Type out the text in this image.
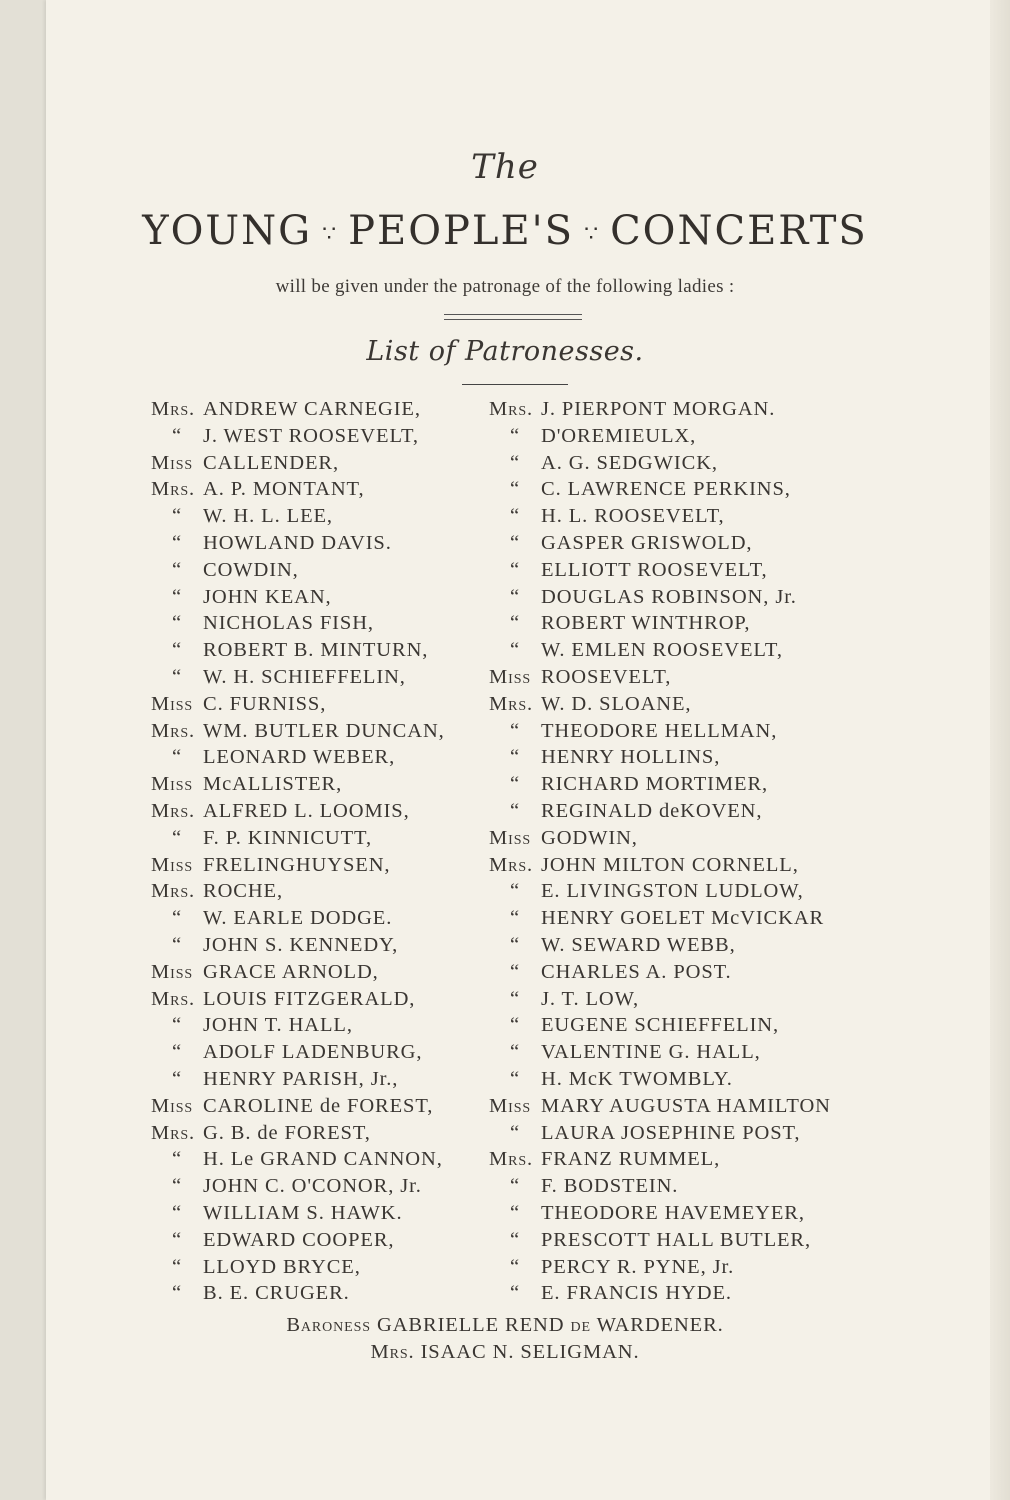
The
YOUNG ∵ PEOPLE'S ∵ CONCERTS
will be given under the patronage of the following ladies :
List of Patronesses.
Mrs. ANDREW CARNEGIE,
“	J. WEST ROOSEVELT,
Miss CALLENDER,
Mrs. A. P. MONTANT,
“	W. H. L. LEE,
“	HOWLAND DAVIS.
“	COWDIN,
“	JOHN KEAN,
“	NICHOLAS FISH,
“	ROBERT B. MINTURN,
“	W. H. SCHIEFFELIN,
Miss C. FURNISS,
Mrs. WM. BUTLER DUNCAN,
“	LEONARD WEBER,
Miss McALLISTER,
Mrs. ALFRED L. LOOMIS,
“	F. P. KINNICUTT,
Miss FRELINGHUYSEN,
Mrs. ROCHE,
“	W. EARLE DODGE.
“	JOHN S. KENNEDY,
Miss GRACE ARNOLD,
Mrs. LOUIS FITZGERALD,
“	JOHN T. HALL,
“	ADOLF LADENBURG,
“	HENRY PARISH, Jr.,
Miss CAROLINE de FOREST,
Mrs. G. B. de FOREST,
“	H. Le GRAND CANNON,
“	JOHN C. O'CONOR, Jr.
“	WILLIAM S. HAWK.
“	EDWARD COOPER,
“	LLOYD BRYCE,
“	B. E. CRUGER.
Mrs. J. PIERPONT MORGAN.
“	D'OREMIEULX,
“	A. G. SEDGWICK,
“	C. LAWRENCE PERKINS,
“	H. L. ROOSEVELT,
“	GASPER GRISWOLD,
“	ELLIOTT ROOSEVELT,
“	DOUGLAS ROBINSON, Jr.
“	ROBERT WINTHROP,
“	W. EMLEN ROOSEVELT,
Miss ROOSEVELT,
Mrs. W. D. SLOANE,
“	THEODORE HELLMAN,
“	HENRY HOLLINS,
“	RICHARD MORTIMER,
“	REGINALD deKOVEN,
Miss GODWIN,
Mrs. JOHN MILTON CORNELL,
“	E. LIVINGSTON LUDLOW,
“	HENRY GOELET McVICKAR
“	W. SEWARD WEBB,
“	CHARLES A. POST.
“	J. T. LOW,
“	EUGENE SCHIEFFELIN,
“	VALENTINE G. HALL,
“	H. McK TWOMBLY.
Miss MARY AUGUSTA HAMILTON
“	LAURA JOSEPHINE POST,
Mrs. FRANZ RUMMEL,
“	F. BODSTEIN.
“	THEODORE HAVEMEYER,
“	PRESCOTT HALL BUTLER,
“	PERCY R. PYNE, Jr.
“	E. FRANCIS HYDE.
Baroness GABRIELLE REND de WARDENER.
Mrs. ISAAC N. SELIGMAN.
